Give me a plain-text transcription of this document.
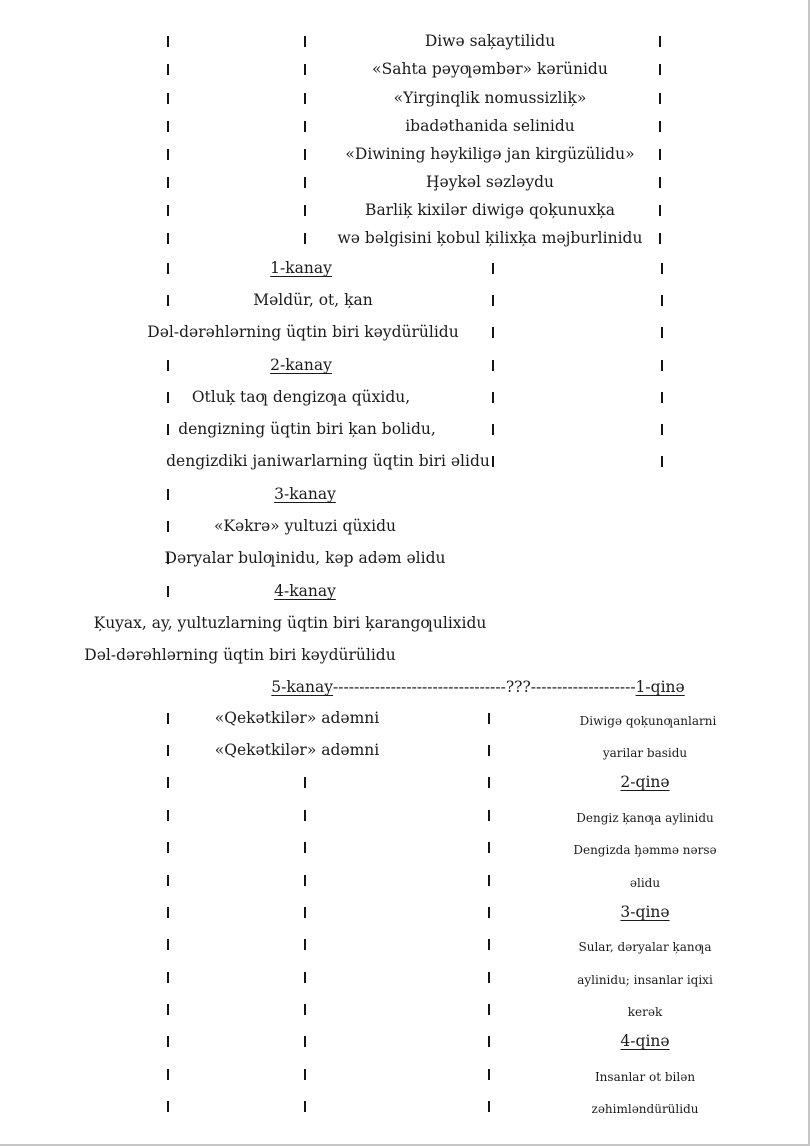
Diwə saķaytilidu
«Sahta pəyƣəmbər» kərünidu
«Yirginqlik nomussizliķ»
ibadəthanida selinidu
«Diwining həykiligə jan kirgüzülidu»
Ḩəykəl səzləydu
Barliķ kixilər diwigə qoķunuxķa
wə bəlgisini ķobul ķilixķa məjburlinidu
1-kanay
Məldür, ot, ķan
Dəl-dərəhlərning üqtin biri kəydürülidu
2-kanay
Otluķ taƣ dengizƣa qüxidu,
dengizning üqtin biri ķan bolidu,
dengizdiki janiwarlarning üqtin biri əlidu
3-kanay
«Kəkrə» yultuzi qüxidu
Dəryalar bulƣinidu, kəp adəm əlidu
4-kanay
Ķuyax, ay, yultuzlarning üqtin biri ķarangƣulixidu
Dəl-dərəhlərning üqtin biri kəydürülidu
5-kanay---------------------------------???--------------------1-qinə
«Qekətkilər» adəmni	Diwigə qoķunƣanlarni
«Qekətkilər» adəmni	yarilar basidu
2-qinə
Dengiz ķanƣa aylinidu
Dengizda ḩəmmə nərsə
əlidu
3-qinə
Sular, dəryalar ķanƣa
aylinidu; insanlar iqixi
kerək
4-qinə
Insanlar ot bilən
zəhimləndürülidu
